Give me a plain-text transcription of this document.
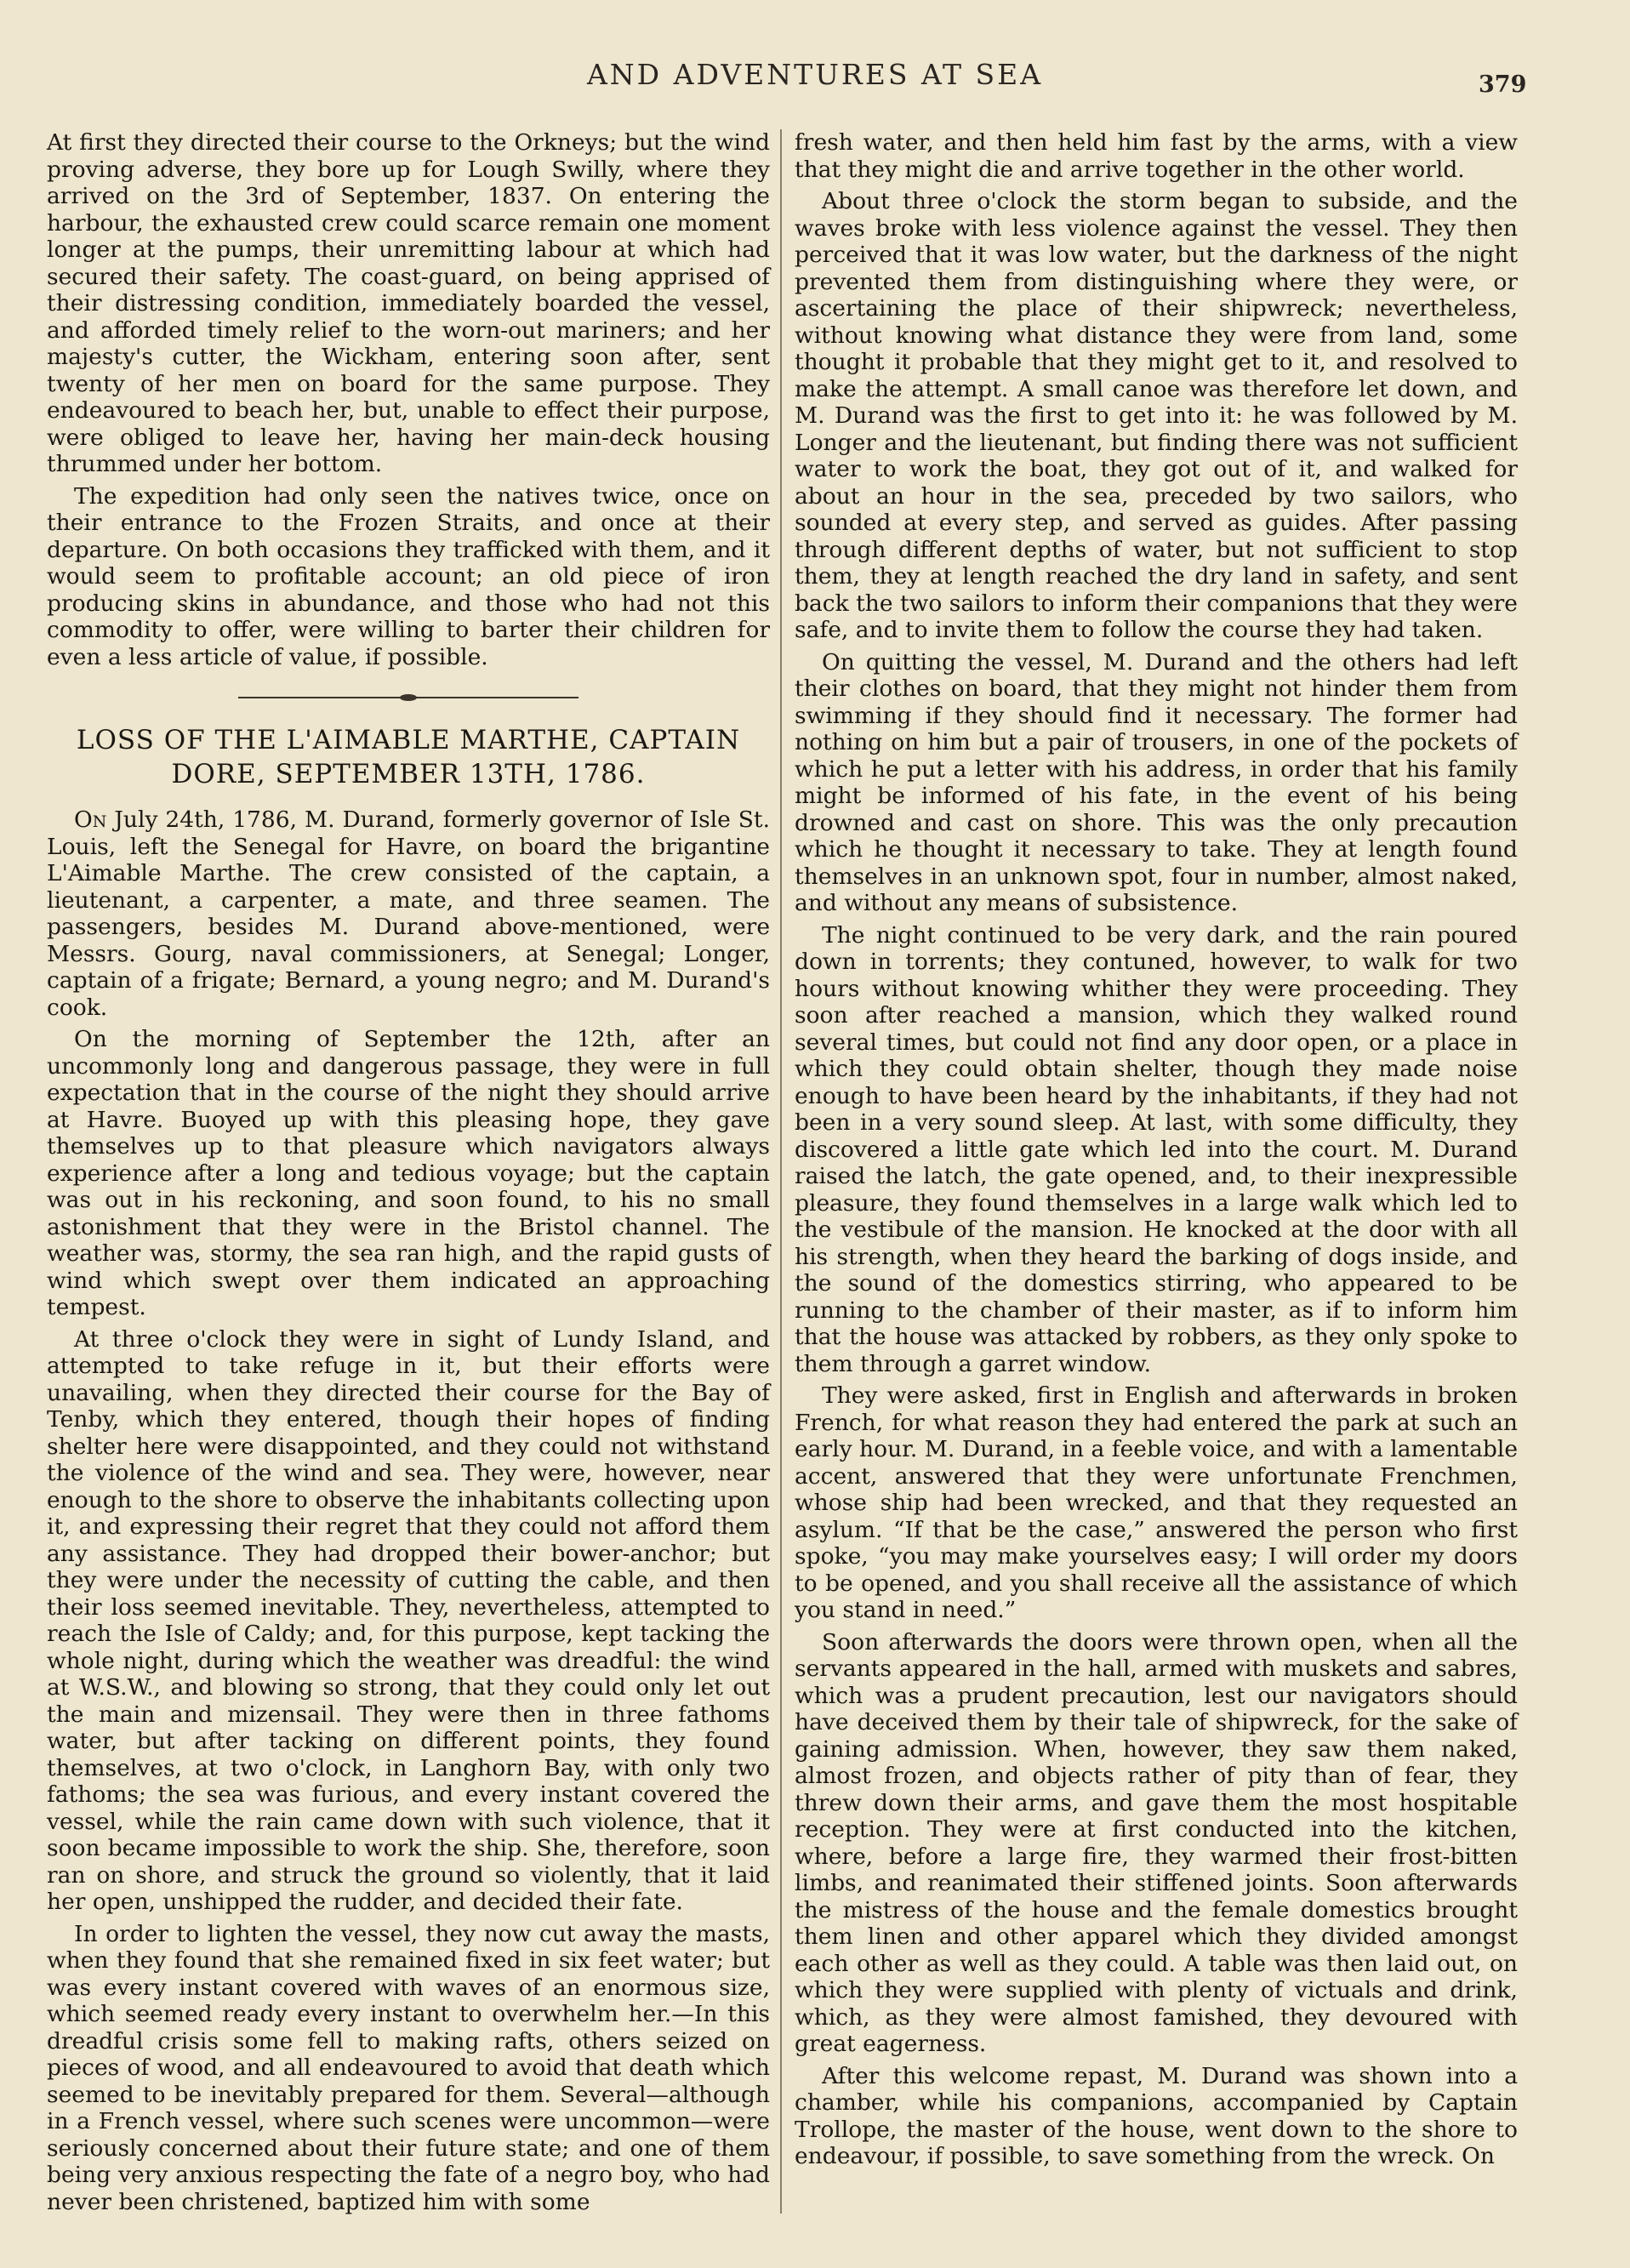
AND ADVENTURES AT SEA	379

At first they directed their course to the Orkneys; but the wind proving adverse, they bore up for Lough Swilly, where they arrived on the 3rd of September, 1837. On entering the harbour, the exhausted crew could scarce remain one moment longer at the pumps, their unremitting labour at which had secured their safety. The coast-guard, on being apprised of their distressing condition, immediately boarded the vessel, and afforded timely relief to the worn-out mariners; and her majesty's cutter, the Wickham, entering soon after, sent twenty of her men on board for the same purpose. They endeavoured to beach her, but, unable to effect their purpose, were obliged to leave her, having her main-deck housing thrummed under her bottom.

The expedition had only seen the natives twice, once on their entrance to the Frozen Straits, and once at their departure. On both occasions they trafficked with them, and it would seem to profitable account; an old piece of iron producing skins in abundance, and those who had not this commodity to offer, were willing to barter their children for even a less article of value, if possible.

LOSS OF THE L'AIMABLE MARTHE, CAPTAIN DORE, SEPTEMBER 13TH, 1786.

On July 24th, 1786, M. Durand, formerly governor of Isle St. Louis, left the Senegal for Havre, on board the brigantine L'Aimable Marthe. The crew consisted of the captain, a lieutenant, a carpenter, a mate, and three seamen. The passengers, besides M. Durand above-mentioned, were Messrs. Gourg, naval commissioners, at Senegal; Longer, captain of a frigate; Bernard, a young negro; and M. Durand's cook.

On the morning of September the 12th, after an uncommonly long and dangerous passage, they were in full expectation that in the course of the night they should arrive at Havre. Buoyed up with this pleasing hope, they gave themselves up to that pleasure which navigators always experience after a long and tedious voyage; but the captain was out in his reckoning, and soon found, to his no small astonishment that they were in the Bristol channel. The weather was, stormy, the sea ran high, and the rapid gusts of wind which swept over them indicated an approaching tempest.

At three o'clock they were in sight of Lundy Island, and attempted to take refuge in it, but their efforts were unavailing, when they directed their course for the Bay of Tenby, which they entered, though their hopes of finding shelter here were disappointed, and they could not withstand the violence of the wind and sea. They were, however, near enough to the shore to observe the inhabitants collecting upon it, and expressing their regret that they could not afford them any assistance. They had dropped their bower-anchor; but they were under the necessity of cutting the cable, and then their loss seemed inevitable. They, nevertheless, attempted to reach the Isle of Caldy; and, for this purpose, kept tacking the whole night, during which the weather was dreadful: the wind at W.S.W., and blowing so strong, that they could only let out the main and mizensail. They were then in three fathoms water, but after tacking on different points, they found themselves, at two o'clock, in Langhorn Bay, with only two fathoms; the sea was furious, and every instant covered the vessel, while the rain came down with such violence, that it soon became impossible to work the ship. She, therefore, soon ran on shore, and struck the ground so violently, that it laid her open, unshipped the rudder, and decided their fate.

In order to lighten the vessel, they now cut away the masts, when they found that she remained fixed in six feet water; but was every instant covered with waves of an enormous size, which seemed ready every instant to overwhelm her.—In this dreadful crisis some fell to making rafts, others seized on pieces of wood, and all endeavoured to avoid that death which seemed to be inevitably prepared for them. Several—although in a French vessel, where such scenes were uncommon—were seriously concerned about their future state; and one of them being very anxious respecting the fate of a negro boy, who had never been christened, baptized him with some

fresh water, and then held him fast by the arms, with a view that they might die and arrive together in the other world.

About three o'clock the storm began to subside, and the waves broke with less violence against the vessel. They then perceived that it was low water, but the darkness of the night prevented them from distinguishing where they were, or ascertaining the place of their shipwreck; nevertheless, without knowing what distance they were from land, some thought it probable that they might get to it, and resolved to make the attempt. A small canoe was therefore let down, and M. Durand was the first to get into it: he was followed by M. Longer and the lieutenant, but finding there was not sufficient water to work the boat, they got out of it, and walked for about an hour in the sea, preceded by two sailors, who sounded at every step, and served as guides. After passing through different depths of water, but not sufficient to stop them, they at length reached the dry land in safety, and sent back the two sailors to inform their companions that they were safe, and to invite them to follow the course they had taken.

On quitting the vessel, M. Durand and the others had left their clothes on board, that they might not hinder them from swimming if they should find it necessary. The former had nothing on him but a pair of trousers, in one of the pockets of which he put a letter with his address, in order that his family might be informed of his fate, in the event of his being drowned and cast on shore. This was the only precaution which he thought it necessary to take. They at length found themselves in an unknown spot, four in number, almost naked, and without any means of subsistence.

The night continued to be very dark, and the rain poured down in torrents; they contuned, however, to walk for two hours without knowing whither they were proceeding. They soon after reached a mansion, which they walked round several times, but could not find any door open, or a place in which they could obtain shelter, though they made noise enough to have been heard by the inhabitants, if they had not been in a very sound sleep. At last, with some difficulty, they discovered a little gate which led into the court. M. Durand raised the latch, the gate opened, and, to their inexpressible pleasure, they found themselves in a large walk which led to the vestibule of the mansion. He knocked at the door with all his strength, when they heard the barking of dogs inside, and the sound of the domestics stirring, who appeared to be running to the chamber of their master, as if to inform him that the house was attacked by robbers, as they only spoke to them through a garret window.

They were asked, first in English and afterwards in broken French, for what reason they had entered the park at such an early hour. M. Durand, in a feeble voice, and with a lamentable accent, answered that they were unfortunate Frenchmen, whose ship had been wrecked, and that they requested an asylum. “If that be the case,” answered the person who first spoke, “you may make yourselves easy; I will order my doors to be opened, and you shall receive all the assistance of which you stand in need.”

Soon afterwards the doors were thrown open, when all the servants appeared in the hall, armed with muskets and sabres, which was a prudent precaution, lest our navigators should have deceived them by their tale of shipwreck, for the sake of gaining admission. When, however, they saw them naked, almost frozen, and objects rather of pity than of fear, they threw down their arms, and gave them the most hospitable reception. They were at first conducted into the kitchen, where, before a large fire, they warmed their frost-bitten limbs, and reanimated their stiffened joints. Soon afterwards the mistress of the house and the female domestics brought them linen and other apparel which they divided amongst each other as well as they could. A table was then laid out, on which they were supplied with plenty of victuals and drink, which, as they were almost famished, they devoured with great eagerness.

After this welcome repast, M. Durand was shown into a chamber, while his companions, accompanied by Captain Trollope, the master of the house, went down to the shore to endeavour, if possible, to save something from the wreck. On
